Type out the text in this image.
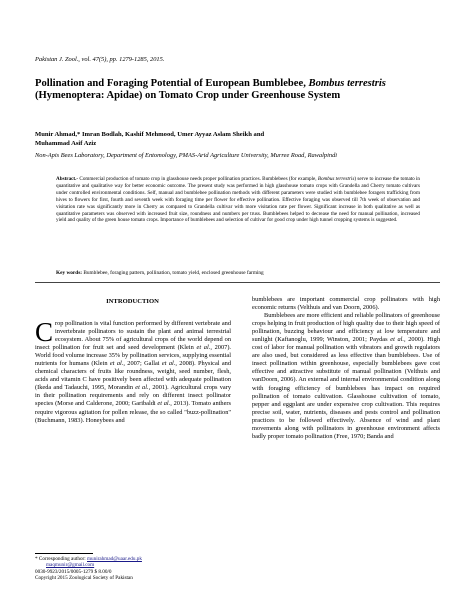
Pakistan J. Zool., vol. 47(5), pp. 1279-1285, 2015.
Pollination and Foraging Potential of European Bumblebee, Bombus terrestris (Hymenoptera: Apidae) on Tomato Crop under Greenhouse System
Munir Ahmad,* Imran Bodlah, Kashif Mehmood, Umer Ayyaz Aslam Sheikh and
Muhammad Asif Aziz
Non-Apis Bees Laboratory, Department of Entomology, PMAS-Arid Agriculture University, Murree Road, Rawalpindi
Abstract.- Commercial production of tomato crop in glasshouse needs proper pollination practices. Bumblebees (for example, Bombus terrestris) serve to increase the tomato in quantitative and qualitative way for better economic outcome. The present study was performed in high glasshouse tomato crops with Grandella and Cherry tomato cultivars under controlled environmental conditions. Self, manual and bumblebee pollination methods with different parameters were studied with bumblebee foragers trafficking from hives to flowers for first, fourth and seventh week with foraging time per flower for effective pollination. Effective foraging was observed till 7th week of observation and visitation rate was significantly more in Cherry as compared to Grandella cultivar with more visitation rate per flower. Significant increase in both qualitative as well as quantitative parameters was observed with increased fruit size, roundness and numbers per truss. Bumblebees helped to decrease the need for manual pollination, increased yield and quality of the green house tomato crops. Importance of bumblebees and selection of cultivar for good crop under high tunnel cropping systems is suggested.
Key words: Bumblebee, foraging pattern, pollination, tomato yield, enclosed greenhouse farming
INTRODUCTION

Crop pollination is vital function performed by different vertebrate and invertebrate pollinators to sustain the plant and animal terrestrial ecosystem. About 75% of agricultural crops of the world depend on insect pollination for fruit set and seed development (Klein et al., 2007). World food volume increase 35% by pollination services, supplying essential nutrients for humans (Klein et al., 2007; Gallai et al., 2008). Physical and chemical characters of fruits like roundness, weight, seed number, flesh, acids and vitamin C have positively been affected with adequate pollination (Ikeda and Tadauchi, 1995, Morandin et al., 2001). Agricultural crops vary in their pollination requirements and rely on different insect pollinator species (Morse and Calderone, 2000; Garibaldi et al., 2013). Tomato anthers require vigorous agitation for pollen release, the so called "buzz-pollination" (Buchmann, 1983). Honeybees and

bumblebees are important commercial crop pollinators with high economic returns (Velthuis and van Doorn, 2006).

Bumblebees are more efficient and reliable pollinators of greenhouse crops helping in fruit production of high quality due to their high speed of pollination, buzzing behaviour and efficiency at low temperature and sunlight (Kaftanoglu, 1999; Winston, 2001; Paydas et al., 2000). High cost of labor for manual pollination with vibrators and growth regulators are also used, but considered as less effective than bumblebees. Use of insect pollination within greenhouse, especially bumblebees gave cost effective and attractive substitute of manual pollination (Velthuis and vanDoorn, 2006). An external and internal environmental condition along with foraging efficiency of bumblebees has impact on required pollination of tomato cultivation. Glasshouse cultivation of tomato, pepper and eggplant are under expensive crop cultivation. This requires precise soil, water, nutrients, diseases and pests control and pollination practices to be followed effectively. Absence of wind and plant movements along with pollinators in greenhouse environment affects badly proper tomato pollination (Free, 1970; Banda and

* Corresponding author: munirahmad@uaar.edu.pk
maqmunir@gmail.com
0030-9923/2015/0005-1279 $ 8.00/0
Copyright 2015 Zoological Society of Pakistan
